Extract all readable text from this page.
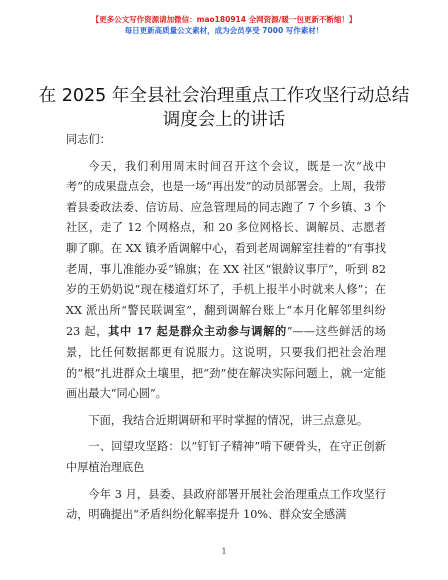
【更多公文写作资源请加微信：mao180914 全网资源/暖一包更新不断缩！】
每日更新高质量公文素材，成为会员享受 7000 写作素材！
在 2025 年全县社会治理重点工作攻坚行动总结调度会上的讲话

同志们：

今天，我们利用周末时间召开这个会议，既是一次“战中考”的成果盘点会，也是一场“再出发”的动员部署会。上周，我带着县委政法委、信访局、应急管理局的同志跑了 7 个乡镇、3 个社区，走了 12 个网格点，和 20 多位网格长、调解员、志愿者聊了聊。在 XX 镇矛盾调解中心，看到老周调解室挂着的“有事找老周，事儿准能办妥”锦旗；在 XX 社区“银龄议事厅”，听到 82 岁的王奶奶说“现在楼道灯坏了，手机上报半小时就来人修”；在 XX 派出所“警民联调室”，翻到调解台账上“本月化解邻里纠纷 23 起，其中 17 起是群众主动参与调解的”——这些鲜活的场景，比任何数据都更有说服力。这说明，只要我们把社会治理的“根”扎进群众土壤里，把“劲”使在解决实际问题上，就一定能画出最大“同心圆”。

下面，我结合近期调研和平时掌握的情况，讲三点意见。

一、回望攻坚路：以“钉钉子精神”啃下硬骨头，在守正创新中厚植治理底色

今年 3 月，县委、县政府部署开展社会治理重点工作攻坚行动，明确提出“矛盾纠纷化解率提升 10%、群众安全感满

1
